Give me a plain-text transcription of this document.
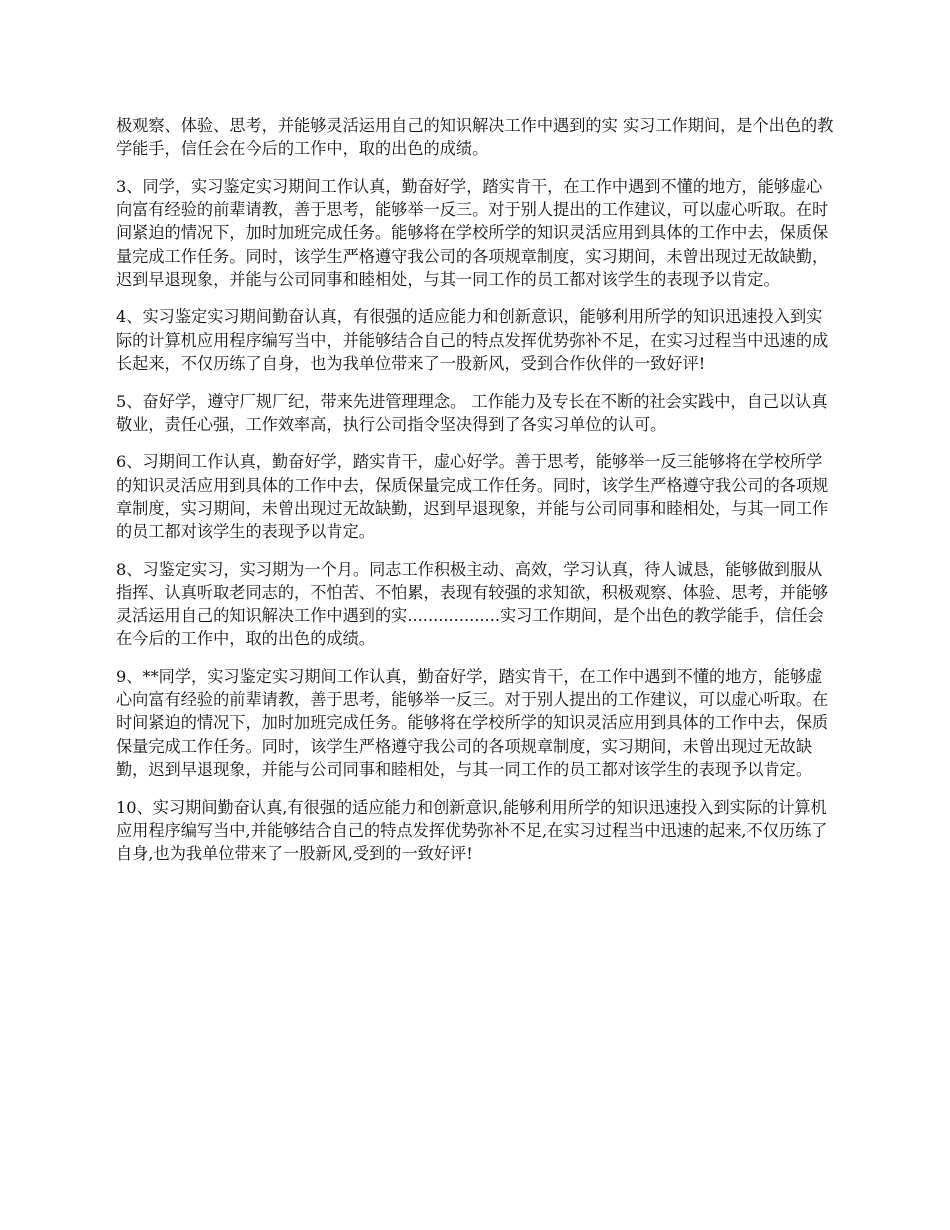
极观察、体验、思考，并能够灵活运用自己的知识解决工作中遇到的实 实习工作期间，是个出色的教学能手，信任会在今后的工作中，取的出色的成绩。

3、同学，实习鉴定实习期间工作认真，勤奋好学，踏实肯干，在工作中遇到不懂的地方，能够虚心向富有经验的前辈请教，善于思考，能够举一反三。对于别人提出的工作建议，可以虚心听取。在时间紧迫的情况下，加时加班完成任务。能够将在学校所学的知识灵活应用到具体的工作中去，保质保量完成工作任务。同时，该学生严格遵守我公司的各项规章制度，实习期间，未曾出现过无故缺勤，迟到早退现象，并能与公司同事和睦相处，与其一同工作的员工都对该学生的表现予以肯定。

4、实习鉴定实习期间勤奋认真，有很强的适应能力和创新意识，能够利用所学的知识迅速投入到实际的计算机应用程序编写当中，并能够结合自己的特点发挥优势弥补不足，在实习过程当中迅速的成长起来，不仅历练了自身，也为我单位带来了一股新风，受到合作伙伴的一致好评!

5、奋好学，遵守厂规厂纪，带来先进管理理念。 工作能力及专长在不断的社会实践中，自己以认真敬业，责任心强，工作效率高，执行公司指令坚决得到了各实习单位的认可。

6、习期间工作认真，勤奋好学，踏实肯干，虚心好学。善于思考，能够举一反三能够将在学校所学的知识灵活应用到具体的工作中去，保质保量完成工作任务。同时，该学生严格遵守我公司的各项规章制度，实习期间，未曾出现过无故缺勤，迟到早退现象，并能与公司同事和睦相处，与其一同工作的员工都对该学生的表现予以肯定。

8、习鉴定实习，实习期为一个月。同志工作积极主动、高效，学习认真，待人诚恳，能够做到服从指挥、认真听取老同志的，不怕苦、不怕累，表现有较强的求知欲，积极观察、体验、思考，并能够灵活运用自己的知识解决工作中遇到的实..................实习工作期间，是个出色的教学能手，信任会在今后的工作中，取的出色的成绩。

9、**同学，实习鉴定实习期间工作认真，勤奋好学，踏实肯干，在工作中遇到不懂的地方，能够虚心向富有经验的前辈请教，善于思考，能够举一反三。对于别人提出的工作建议，可以虚心听取。在时间紧迫的情况下，加时加班完成任务。能够将在学校所学的知识灵活应用到具体的工作中去，保质保量完成工作任务。同时，该学生严格遵守我公司的各项规章制度，实习期间，未曾出现过无故缺勤，迟到早退现象，并能与公司同事和睦相处，与其一同工作的员工都对该学生的表现予以肯定。

10、实习期间勤奋认真,有很强的适应能力和创新意识,能够利用所学的知识迅速投入到实际的计算机应用程序编写当中,并能够结合自己的特点发挥优势弥补不足,在实习过程当中迅速的起来,不仅历练了自身,也为我单位带来了一股新风,受到的一致好评!
